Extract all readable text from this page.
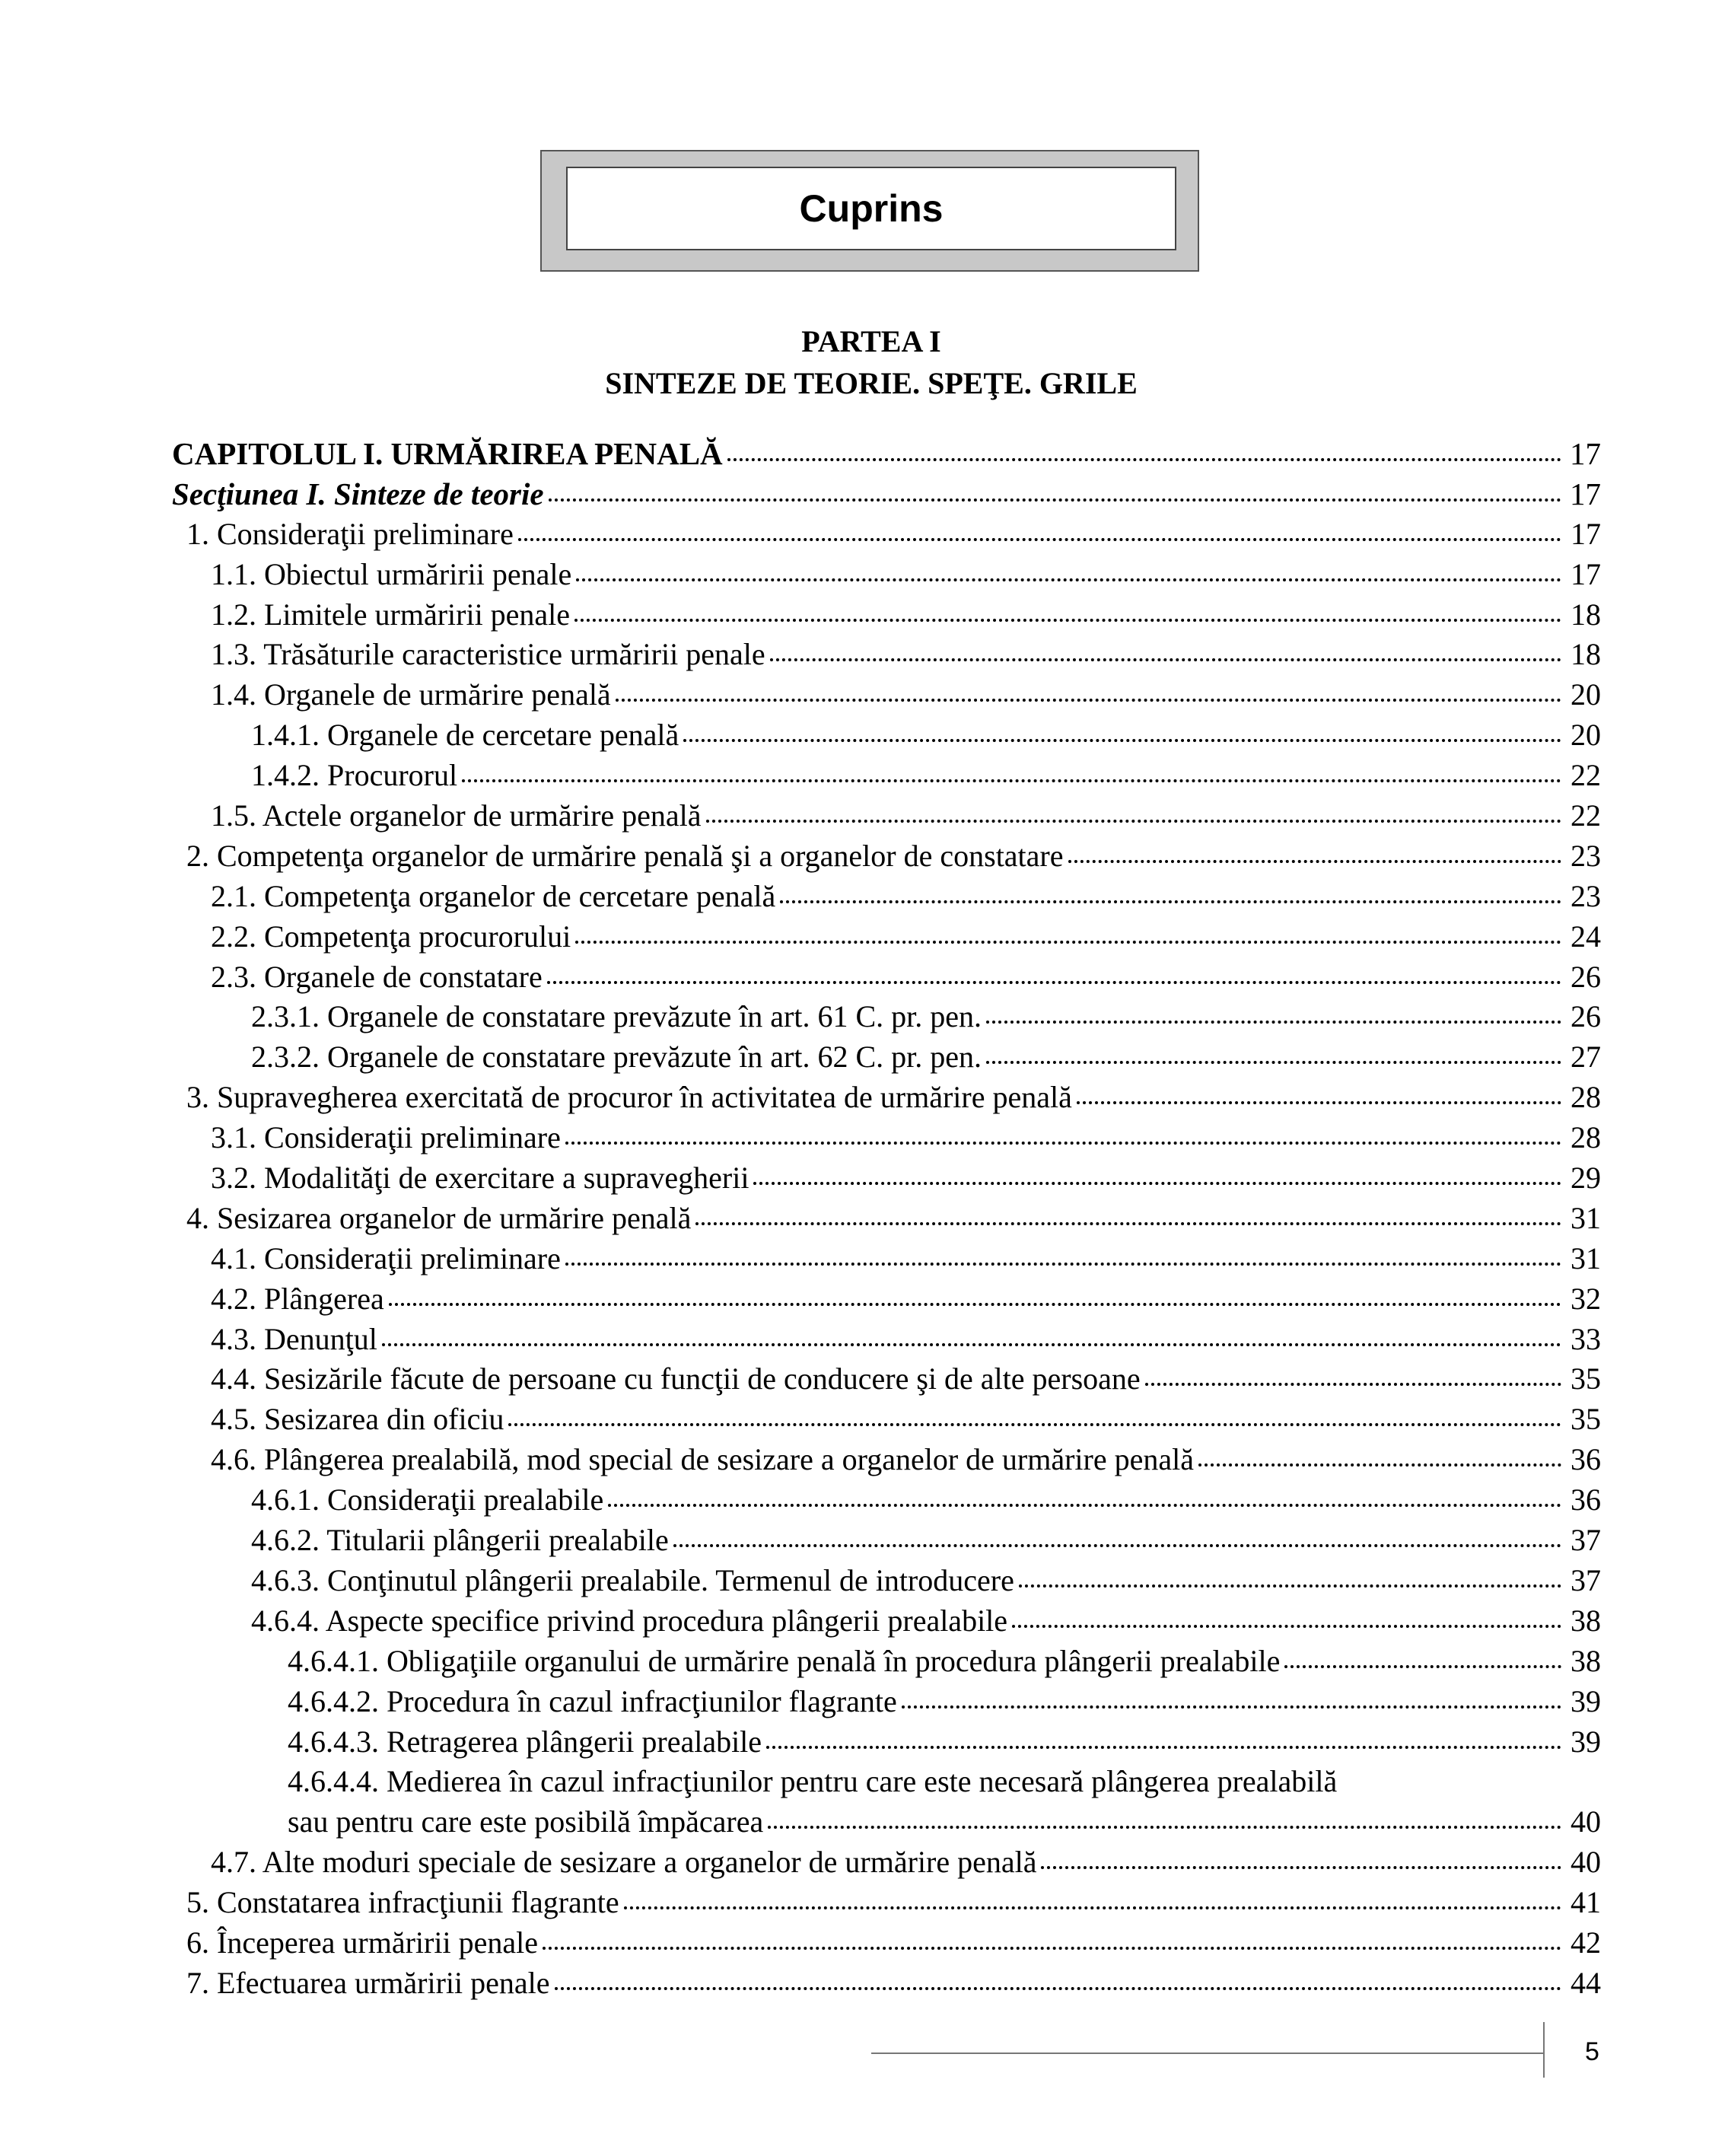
Cuprins
PARTEA I
SINTEZE DE TEORIE. SPEŢE. GRILE
CAPITOLUL I. URMĂRIREA PENALĂ	17
Secţiunea I. Sinteze de teorie	17
1. Consideraţii preliminare	17
1.1. Obiectul urmăririi penale	17
1.2. Limitele urmăririi penale	18
1.3. Trăsăturile caracteristice urmăririi penale	18
1.4. Organele de urmărire penală	20
1.4.1. Organele de cercetare penală	20
1.4.2. Procurorul	22
1.5. Actele organelor de urmărire penală	22
2. Competenţa organelor de urmărire penală şi a organelor de constatare	23
2.1. Competenţa organelor de cercetare penală	23
2.2. Competenţa procurorului	24
2.3. Organele de constatare	26
2.3.1. Organele de constatare prevăzute în art. 61 C. pr. pen.	26
2.3.2. Organele de constatare prevăzute în art. 62 C. pr. pen.	27
3. Supravegherea exercitată de procuror în activitatea de urmărire penală	28
3.1. Consideraţii preliminare	28
3.2. Modalităţi de exercitare a supravegherii	29
4. Sesizarea organelor de urmărire penală	31
4.1. Consideraţii preliminare	31
4.2. Plângerea	32
4.3. Denunţul	33
4.4. Sesizările făcute de persoane cu funcţii de conducere şi de alte persoane	35
4.5. Sesizarea din oficiu	35
4.6. Plângerea prealabilă, mod special de sesizare a organelor de urmărire penală	36
4.6.1. Consideraţii prealabile	36
4.6.2. Titularii plângerii prealabile	37
4.6.3. Conţinutul plângerii prealabile. Termenul de introducere	37
4.6.4. Aspecte specifice privind procedura plângerii prealabile	38
4.6.4.1. Obligaţiile organului de urmărire penală în procedura plângerii prealabile	38
4.6.4.2. Procedura în cazul infracţiunilor flagrante	39
4.6.4.3. Retragerea plângerii prealabile	39
4.6.4.4. Medierea în cazul infracţiunilor pentru care este necesară plângerea prealabilă
sau pentru care este posibilă împăcarea	40
4.7. Alte moduri speciale de sesizare a organelor de urmărire penală	40
5. Constatarea infracţiunii flagrante	41
6. Începerea urmăririi penale	42
7. Efectuarea urmăririi penale	44
5
